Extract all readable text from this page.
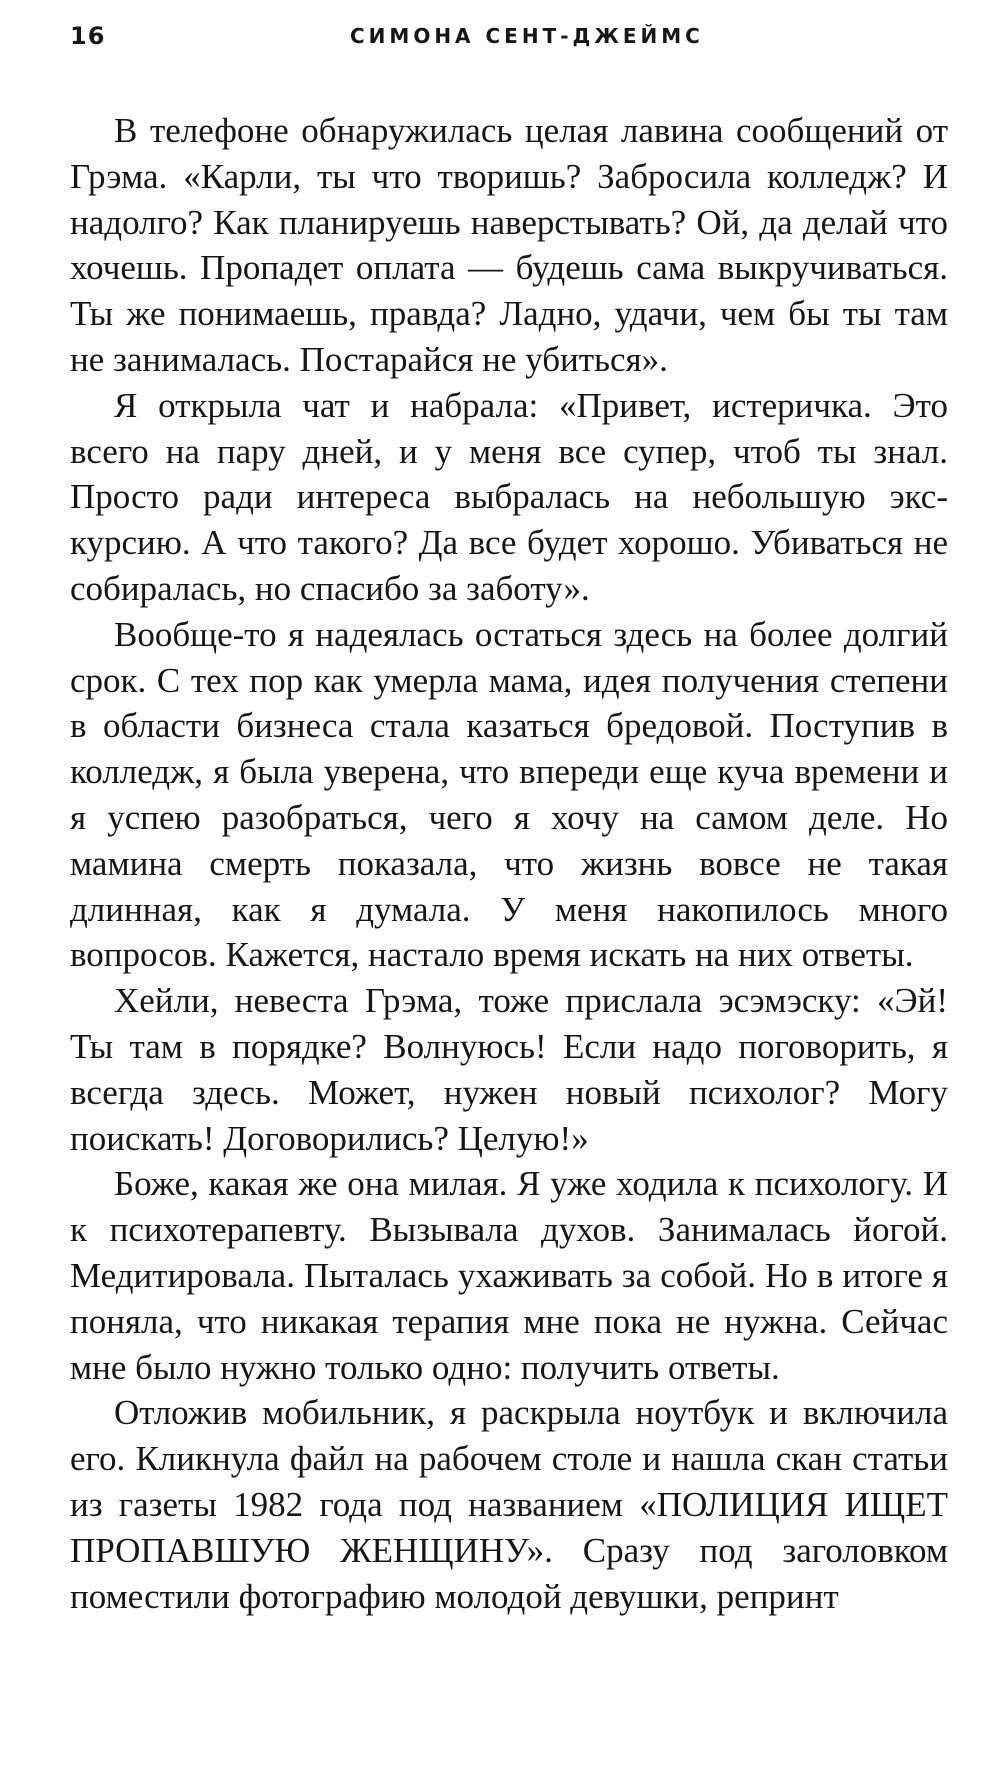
16	СИМОНА СЕНТ-ДЖЕЙМС

В телефоне обнаружилась целая лавина сообщений от Грэма. «Карли, ты что творишь? Забросила колледж? И надолго? Как планируешь наверстывать? Ой, да делай что хочешь. Пропадет оплата — будешь сама выкручиваться. Ты же понимаешь, правда? Ладно, удачи, чем бы ты там не занималась. Постарайся не убиться».

Я открыла чат и набрала: «Привет, истеричка. Это всего на пару дней, и у меня все супер, чтоб ты знал. Просто ради интереса выбралась на небольшую экскурсию. А что такого? Да все будет хорошо. Убиваться не собиралась, но спасибо за заботу».

Вообще-то я надеялась остаться здесь на более долгий срок. С тех пор как умерла мама, идея получения степени в области бизнеса стала казаться бредовой. Поступив в колледж, я была уверена, что впереди еще куча времени и я успею разобраться, чего я хочу на самом деле. Но мамина смерть показала, что жизнь вовсе не такая длинная, как я думала. У меня накопилось много вопросов. Кажется, настало время искать на них ответы.

Хейли, невеста Грэма, тоже прислала эсэмэску: «Эй! Ты там в порядке? Волнуюсь! Если надо поговорить, я всегда здесь. Может, нужен новый психолог? Могу поискать! Договорились? Целую!»

Боже, какая же она милая. Я уже ходила к психологу. И к психотерапевту. Вызывала духов. Занималась йогой. Медитировала. Пыталась ухаживать за собой. Но в итоге я поняла, что никакая терапия мне пока не нужна. Сейчас мне было нужно только одно: получить ответы.

Отложив мобильник, я раскрыла ноутбук и включила его. Кликнула файл на рабочем столе и нашла скан статьи из газеты 1982 года под названием «ПОЛИЦИЯ ИЩЕТ ПРОПАВШУЮ ЖЕНЩИНУ». Сразу под заголовком поместили фотографию молодой девушки, репринт
